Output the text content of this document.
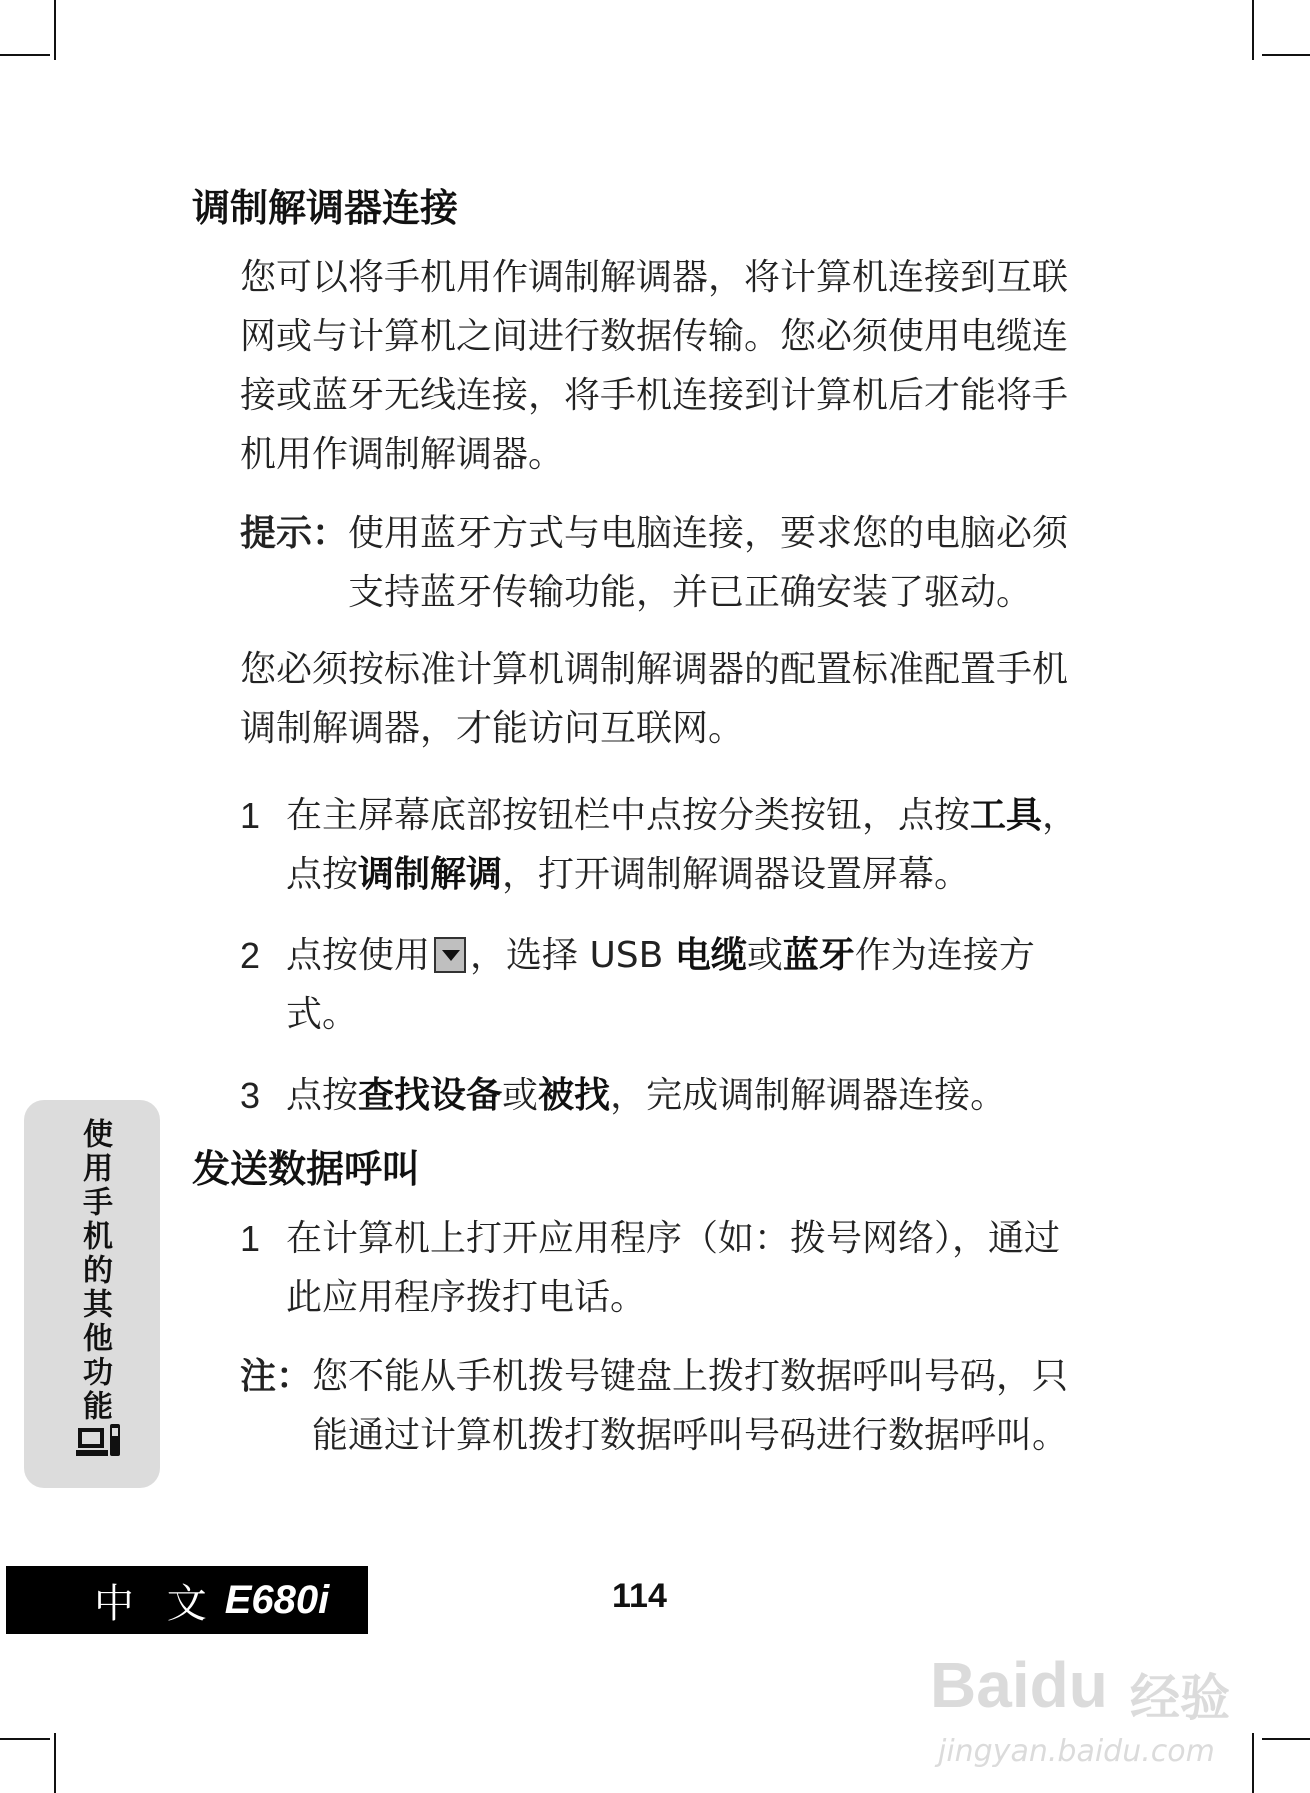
调制解调器连接

您可以将手机用作调制解调器，将计算机连接到互联网或与计算机之间进行数据传输。您必须使用电缆连接或蓝牙无线连接，将手机连接到计算机后才能将手机用作调制解调器。

提示： 使用蓝牙方式与电脑连接，要求您的电脑必须支持蓝牙传输功能，并已正确安装了驱动。

您必须按标准计算机调制解调器的配置标准配置手机调制解调器，才能访问互联网。

1 在主屏幕底部按钮栏中点按分类按钮，点按工具，点按调制解调，打开调制解调器设置屏幕。
2 点按使用 ，选择 USB 电缆或蓝牙作为连接方式。
3 点按查找设备或被找，完成调制解调器连接。
发送数据呼叫
1 在计算机上打开应用程序（如：拨号网络），通过此应用程序拨打电话。
注： 您不能从手机拨号键盘上拨打数据呼叫号码，只能通过计算机拨打数据呼叫号码进行数据呼叫。
使用手机的其他功能
中 文 E680i	114
Baidu 经验
jingyan.baidu.com
